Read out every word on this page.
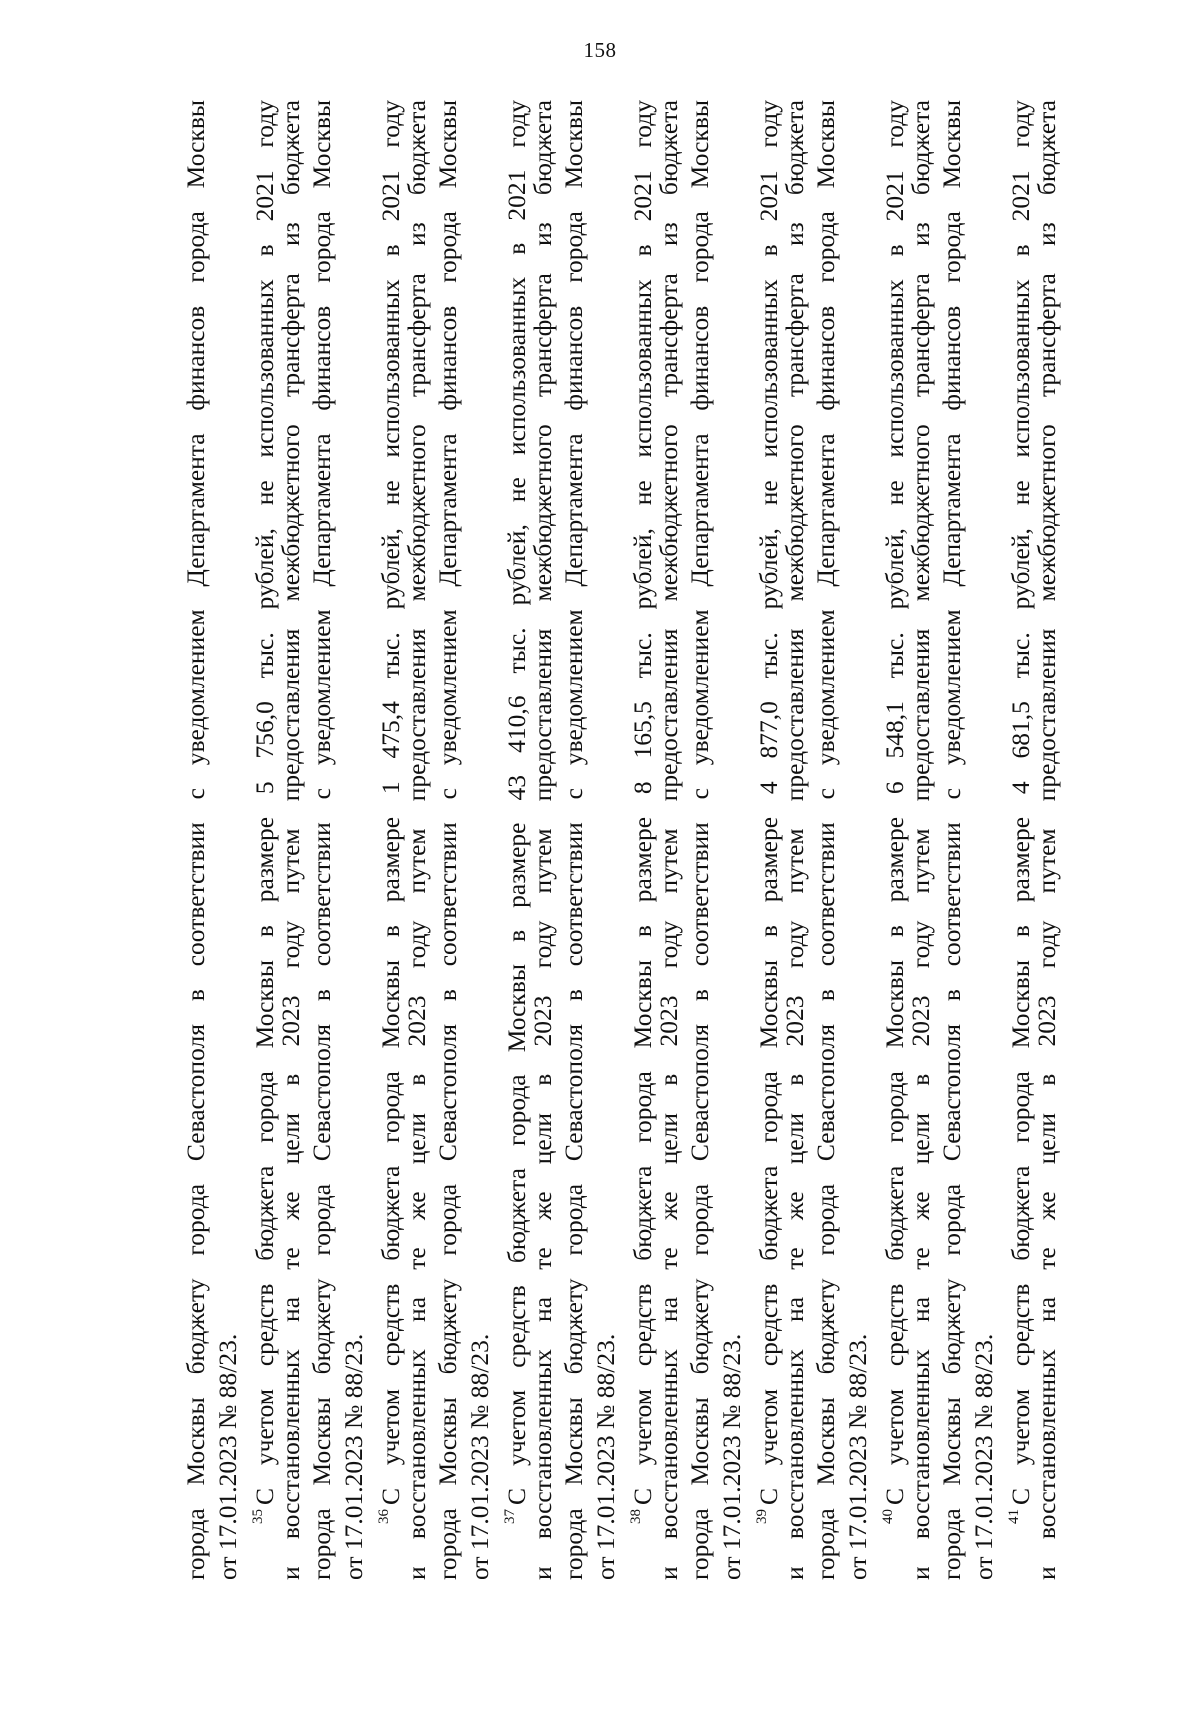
158
города Москвы бюджету города Севастополя в соответствии с уведомлением Департамента финансов города Москвы от 17.01.2023 № 88/23. $^{35}$С учетом средств бюджета города Москвы в размере 5 756,0 тыс. рублей, не использованных в 2021 году
и восстановленных на те же цели в 2023 году путем предоставления межбюджетного трансферта из бюджета города Москвы бюджету города Севастополя в соответствии с уведомлением Департамента финансов города Москвы от 17.01.2023 № 88/23. $^{36}$С учетом средств бюджета города Москвы в размере 1 475,4 тыс. рублей, не использованных в 2021 году
и восстановленных на те же цели в 2023 году путем предоставления межбюджетного трансферта из бюджета города Москвы бюджету города Севастополя в соответствии с уведомлением Департамента финансов города Москвы от 17.01.2023 № 88/23. $^{37}$С учетом средств бюджета города Москвы в размере 43 410,6 тыс. рублей, не использованных в 2021 году
и восстановленных на те же цели в 2023 году путем предоставления межбюджетного трансферта из бюджета города Москвы бюджету города Севастополя в соответствии с уведомлением Департамента финансов города Москвы от 17.01.2023 № 88/23. $^{38}$С учетом средств бюджета города Москвы в размере 8 165,5 тыс. рублей, не использованных в 2021 году
и восстановленных на те же цели в 2023 году путем предоставления межбюджетного трансферта из бюджета города Москвы бюджету города Севастополя в соответствии с уведомлением Департамента финансов города Москвы от 17.01.2023 № 88/23. $^{39}$С учетом средств бюджета города Москвы в размере 4 877,0 тыс. рублей, не использованных в 2021 году
и восстановленных на те же цели в 2023 году путем предоставления межбюджетного трансферта из бюджета города Москвы бюджету города Севастополя в соответствии с уведомлением Департамента финансов города Москвы от 17.01.2023 № 88/23. $^{40}$С учетом средств бюджета города Москвы в размере 6 548,1 тыс. рублей, не использованных в 2021 году
и восстановленных на те же цели в 2023 году путем предоставления межбюджетного трансферта из бюджета города Москвы бюджету города Севастополя в соответствии с уведомлением Департамента финансов города Москвы от 17.01.2023 № 88/23. $^{41}$С учетом средств бюджета города Москвы в размере 4 681,5 тыс. рублей, не использованных в 2021 году
и восстановленных на те же цели в 2023 году путем предоставления межбюджетного трансферта из бюджета
